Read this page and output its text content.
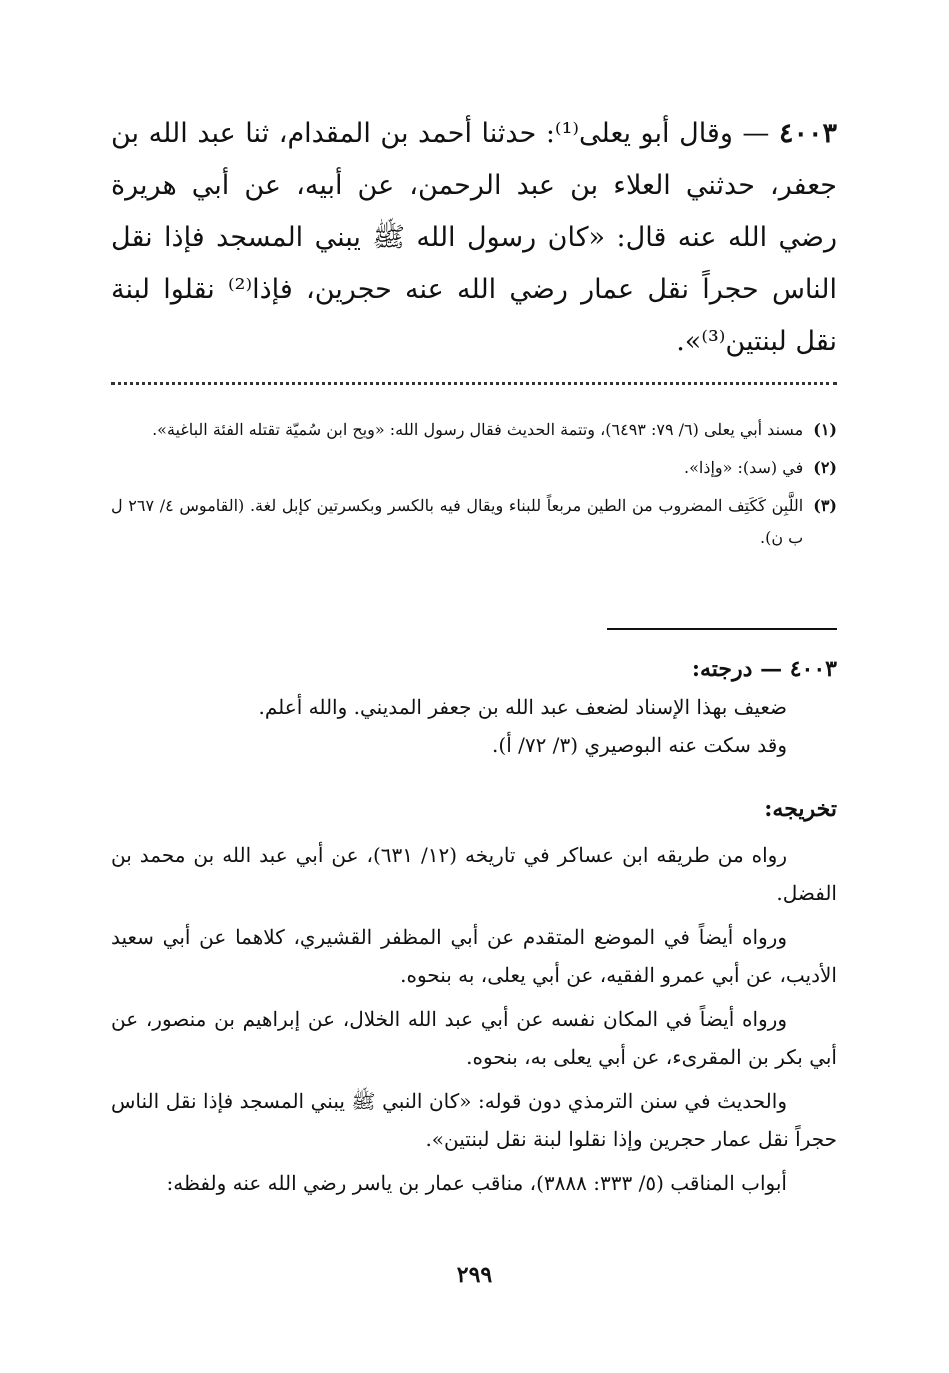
٤٠٠٣ — وقال أبو يعلى⁽¹⁾: حدثنا أحمد بن المقدام، ثنا عبد الله بن جعفر، حدثني العلاء بن عبد الرحمن، عن أبيه، عن أبي هريرة رضي الله عنه قال: «كان رسول الله ﷺ يبني المسجد فإذا نقل الناس حجراً نقل عمار رضي الله عنه حجرين، فإذا⁽²⁾ نقلوا لبنة نقل لبنتين⁽³⁾».

(١)
مسند أبي يعلى (٦/ ٧٩: ٦٤٩٣)، وتتمة الحديث فقال رسول الله: «ويح ابن سُميّة تقتله الفئة الباغية».
(٢)
في (سد): «وإذا».
(٣)
اللَّبِن كَكَتِف المضروب من الطين مربعاً للبناء ويقال فيه بالكسر وبكسرتين كإبل لغة. (القاموس ٤/ ٢٦٧ ل ب ن).

٤٠٠٣ — درجته:

ضعيف بهذا الإسناد لضعف عبد الله بن جعفر المديني. والله أعلم.

وقد سكت عنه البوصيري (٣/ ٧٢/ أ).

تخريجه:

رواه من طريقه ابن عساكر في تاريخه (١٢/ ٦٣١)، عن أبي عبد الله بن محمد بن الفضل.

ورواه أيضاً في الموضع المتقدم عن أبي المظفر القشيري، كلاهما عن أبي سعيد الأديب، عن أبي عمرو الفقيه، عن أبي يعلى، به بنحوه.

ورواه أيضاً في المكان نفسه عن أبي عبد الله الخلال، عن إبراهيم بن منصور، عن أبي بكر بن المقرىء، عن أبي يعلى به، بنحوه.

والحديث في سنن الترمذي دون قوله: «كان النبي ﷺ يبني المسجد فإذا نقل الناس حجراً نقل عمار حجرين وإذا نقلوا لبنة نقل لبنتين».

أبواب المناقب (٥/ ٣٣٣: ٣٨٨٨)، مناقب عمار بن ياسر رضي الله عنه ولفظه:

٢٩٩
